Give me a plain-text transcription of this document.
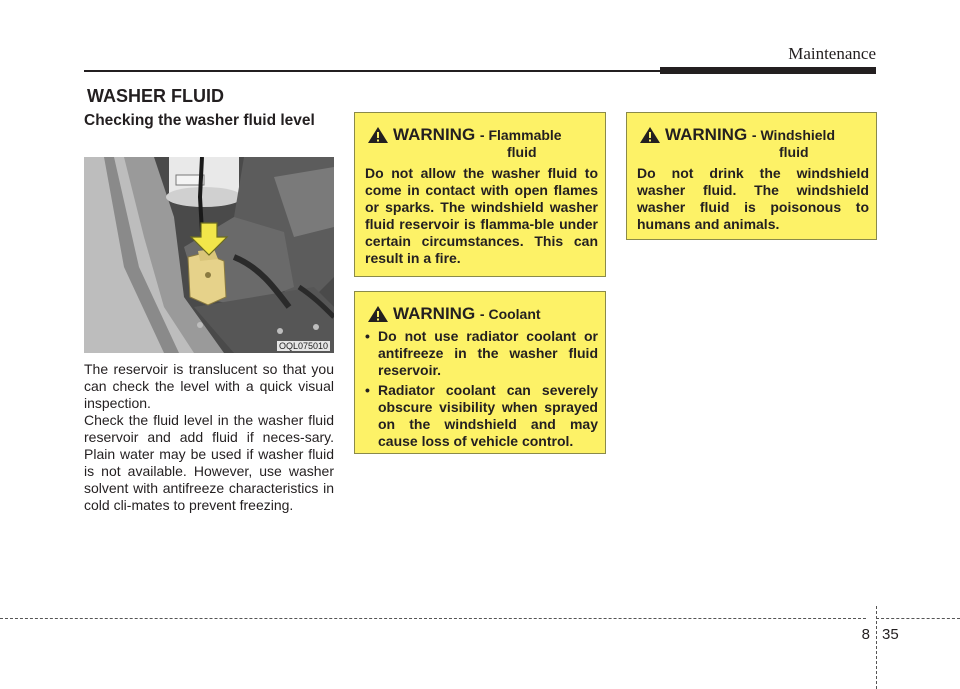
Maintenance
WASHER FLUID
Checking the washer fluid level
OQL075010
The reservoir is translucent so that you can check the level with a quick visual inspection.
Check the fluid level in the washer fluid reservoir and add fluid if neces-sary. Plain water may be used if washer fluid is not available. However, use washer solvent with antifreeze characteristics in cold cli-mates to prevent freezing.
WARNING - Flammable
fluid
Do not allow the washer fluid to come in contact with open flames or sparks. The windshield washer fluid reservoir is flamma-ble under certain circumstances. This can result in a fire.
WARNING - Coolant
• Do not use radiator coolant or antifreeze in the washer fluid reservoir.
• Radiator coolant can severely obscure visibility when sprayed on the windshield and may cause loss of vehicle control.
WARNING - Windshield
fluid
Do not drink the windshield washer fluid. The windshield washer fluid is poisonous to humans and animals.
8 35
